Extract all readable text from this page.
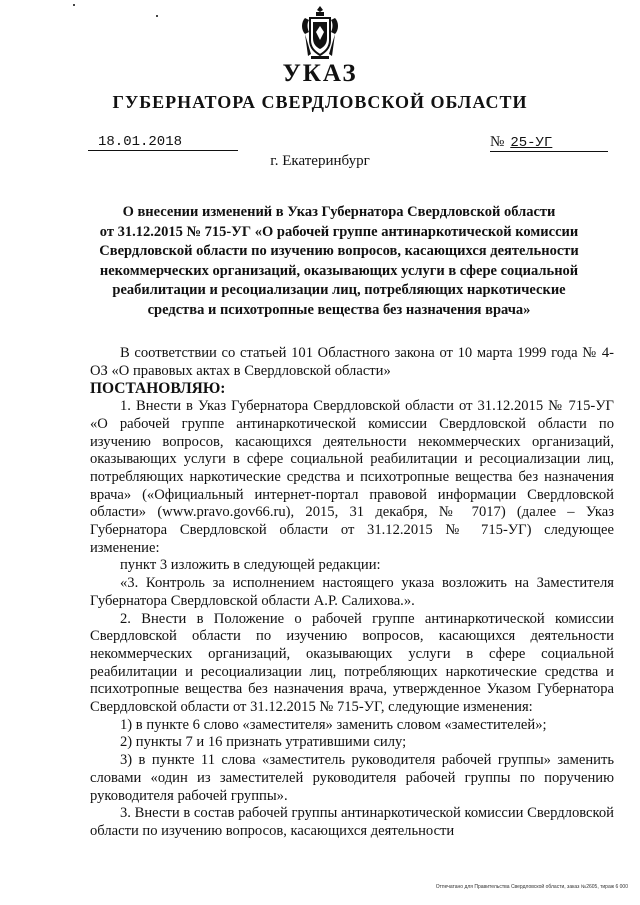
УКАЗ
ГУБЕРНАТОРА СВЕРДЛОВСКОЙ ОБЛАСТИ
18.01.2018	№ 25-УГ
г. Екатеринбург
О внесении изменений в Указ Губернатора Свердловской области
от 31.12.2015 № 715-УГ «О рабочей группе антинаркотической комиссии
Свердловской области по изучению вопросов, касающихся деятельности
некоммерческих организаций, оказывающих услуги в сфере социальной
реабилитации и ресоциализации лиц, потребляющих наркотические
средства и психотропные вещества без назначения врача»

В соответствии со статьей 101 Областного закона от 10 марта 1999 года № 4-ОЗ «О правовых актах в Свердловской области»

ПОСТАНОВЛЯЮ:

1. Внести в Указ Губернатора Свердловской области от 31.12.2015 № 715-УГ «О рабочей группе антинаркотической комиссии Свердловской области по изучению вопросов, касающихся деятельности некоммерческих организаций, оказывающих услуги в сфере социальной реабилитации и ресоциализации лиц, потребляющих наркотические средства и психотропные вещества без назначения врача» («Официальный интернет-портал правовой информации Свердловской области» (www.pravo.gov66.ru), 2015, 31 декабря, № 7017) (далее – Указ Губернатора Свердловской области от 31.12.2015 № 715-УГ) следующее изменение:

пункт 3 изложить в следующей редакции:

«3. Контроль за исполнением настоящего указа возложить на Заместителя Губернатора Свердловской области А.Р. Салихова.».

2. Внести в Положение о рабочей группе антинаркотической комиссии Свердловской области по изучению вопросов, касающихся деятельности некоммерческих организаций, оказывающих услуги в сфере социальной реабилитации и ресоциализации лиц, потребляющих наркотические средства и психотропные вещества без назначения врача, утвержденное Указом Губернатора Свердловской области от 31.12.2015 № 715-УГ, следующие изменения:

1) в пункте 6 слово «заместителя» заменить словом «заместителей»;

2) пункты 7 и 16 признать утратившими силу;

3) в пункте 11 слова «заместитель руководителя рабочей группы» заменить словами «один из заместителей руководителя рабочей группы по поручению руководителя рабочей группы».

3. Внести в состав рабочей группы антинаркотической комиссии Свердловской области по изучению вопросов, касающихся деятельности

Отпечатано для Правительства Свердловской области, заказ №2605, тираж 6 000
